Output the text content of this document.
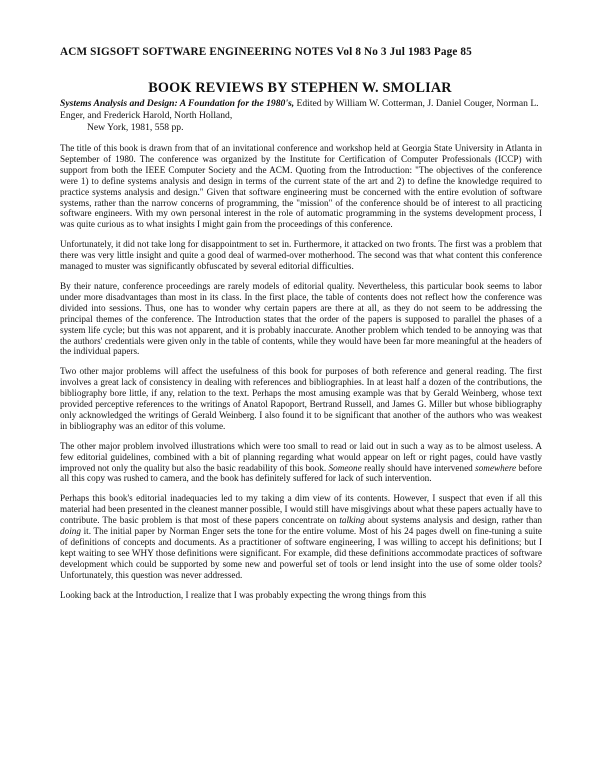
ACM SIGSOFT SOFTWARE ENGINEERING NOTES Vol 8 No 3 Jul 1983 Page 85
BOOK REVIEWS BY STEPHEN W. SMOLIAR
Systems Analysis and Design: A Foundation for the 1980's, Edited by William W. Cotterman, J. Daniel Couger, Norman L. Enger, and Frederick Harold, North Holland,
New York, 1981, 558 pp.

The title of this book is drawn from that of an invitational conference and workshop held at Georgia State University in Atlanta in September of 1980. The conference was organized by the Institute for Certification of Computer Professionals (ICCP) with support from both the IEEE Computer Society and the ACM. Quoting from the Introduction: "The objectives of the conference were 1) to define systems analysis and design in terms of the current state of the art and 2) to define the knowledge required to practice systems analysis and design." Given that software engineering must be concerned with the entire evolution of software systems, rather than the narrow concerns of programming, the "mission" of the conference should be of interest to all practicing software engineers. With my own personal interest in the role of automatic programming in the systems development process, I was quite curious as to what insights I might gain from the proceedings of this conference.

Unfortunately, it did not take long for disappointment to set in. Furthermore, it attacked on two fronts. The first was a problem that there was very little insight and quite a good deal of warmed-over motherhood. The second was that what content this conference managed to muster was significantly obfuscated by several editorial difficulties.

By their nature, conference proceedings are rarely models of editorial quality. Nevertheless, this particular book seems to labor under more disadvantages than most in its class. In the first place, the table of contents does not reflect how the conference was divided into sessions. Thus, one has to wonder why certain papers are there at all, as they do not seem to be addressing the principal themes of the conference. The Introduction states that the order of the papers is supposed to parallel the phases of a system life cycle; but this was not apparent, and it is probably inaccurate. Another problem which tended to be annoying was that the authors' credentials were given only in the table of contents, while they would have been far more meaningful at the headers of the individual papers.

Two other major problems will affect the usefulness of this book for purposes of both reference and general reading. The first involves a great lack of consistency in dealing with references and bibliographies. In at least half a dozen of the contributions, the bibliography bore little, if any, relation to the text. Perhaps the most amusing example was that by Gerald Weinberg, whose text provided perceptive references to the writings of Anatol Rapoport, Bertrand Russell, and James G. Miller but whose bibliography only acknowledged the writings of Gerald Weinberg. I also found it to be significant that another of the authors who was weakest in bibliography was an editor of this volume.

The other major problem involved illustrations which were too small to read or laid out in such a way as to be almost useless. A few editorial guidelines, combined with a bit of planning regarding what would appear on left or right pages, could have vastly improved not only the quality but also the basic readability of this book. Someone really should have intervened somewhere before all this copy was rushed to camera, and the book has definitely suffered for lack of such intervention.

Perhaps this book's editorial inadequacies led to my taking a dim view of its contents. However, I suspect that even if all this material had been presented in the cleanest manner possible, I would still have misgivings about what these papers actually have to contribute. The basic problem is that most of these papers concentrate on talking about systems analysis and design, rather than doing it. The initial paper by Norman Enger sets the tone for the entire volume. Most of his 24 pages dwell on fine-tuning a suite of definitions of concepts and documents. As a practitioner of software engineering, I was willing to accept his definitions; but I kept waiting to see WHY those definitions were significant. For example, did these definitions accommodate practices of software development which could be supported by some new and powerful set of tools or lend insight into the use of some older tools? Unfortunately, this question was never addressed.

Looking back at the Introduction, I realize that I was probably expecting the wrong things from this
